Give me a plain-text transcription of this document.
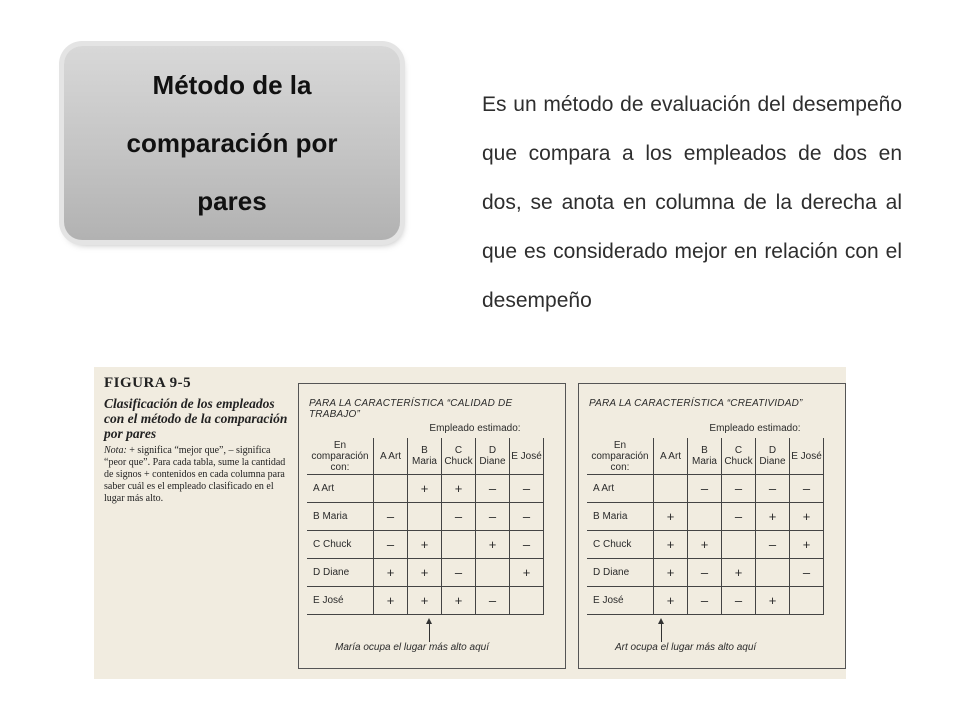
Método de la
comparación por
pares
Es un método de evaluación del desempeño que compara a los empleados de dos en dos, se anota en columna de la derecha al que es considerado mejor en relación con el desempeño
FIGURA 9-5
Clasificación de los empleados con el método de la comparación por pares
Nota: + significa “mejor que”, – significa “peor que”. Para cada tabla, sume la cantidad de signos + contenidos en cada columna para saber cuál es el empleado clasificado en el lugar más alto.
PARA LA CARACTERÍSTICA “CALIDAD DE TRABAJO”
Empleado estimado:
En comparación con:	A Art	B Maria	C Chuck	D Diane	E José
A Art		+	+	–	–
B Maria	–		–	–	–
C Chuck	–	+		+	–
D Diane	+	+	–		+
E José	+	+	+	–	
María ocupa el lugar más alto aquí
PARA LA CARACTERÍSTICA “CREATIVIDAD”
Empleado estimado:
En comparación con:	A Art	B Maria	C Chuck	D Diane	E José
A Art		–	–	–	–
B Maria	+		–	+	+
C Chuck	+	+		–	+
D Diane	+	–	+		–
E José	+	–	–	+	
Art ocupa el lugar más alto aquí
